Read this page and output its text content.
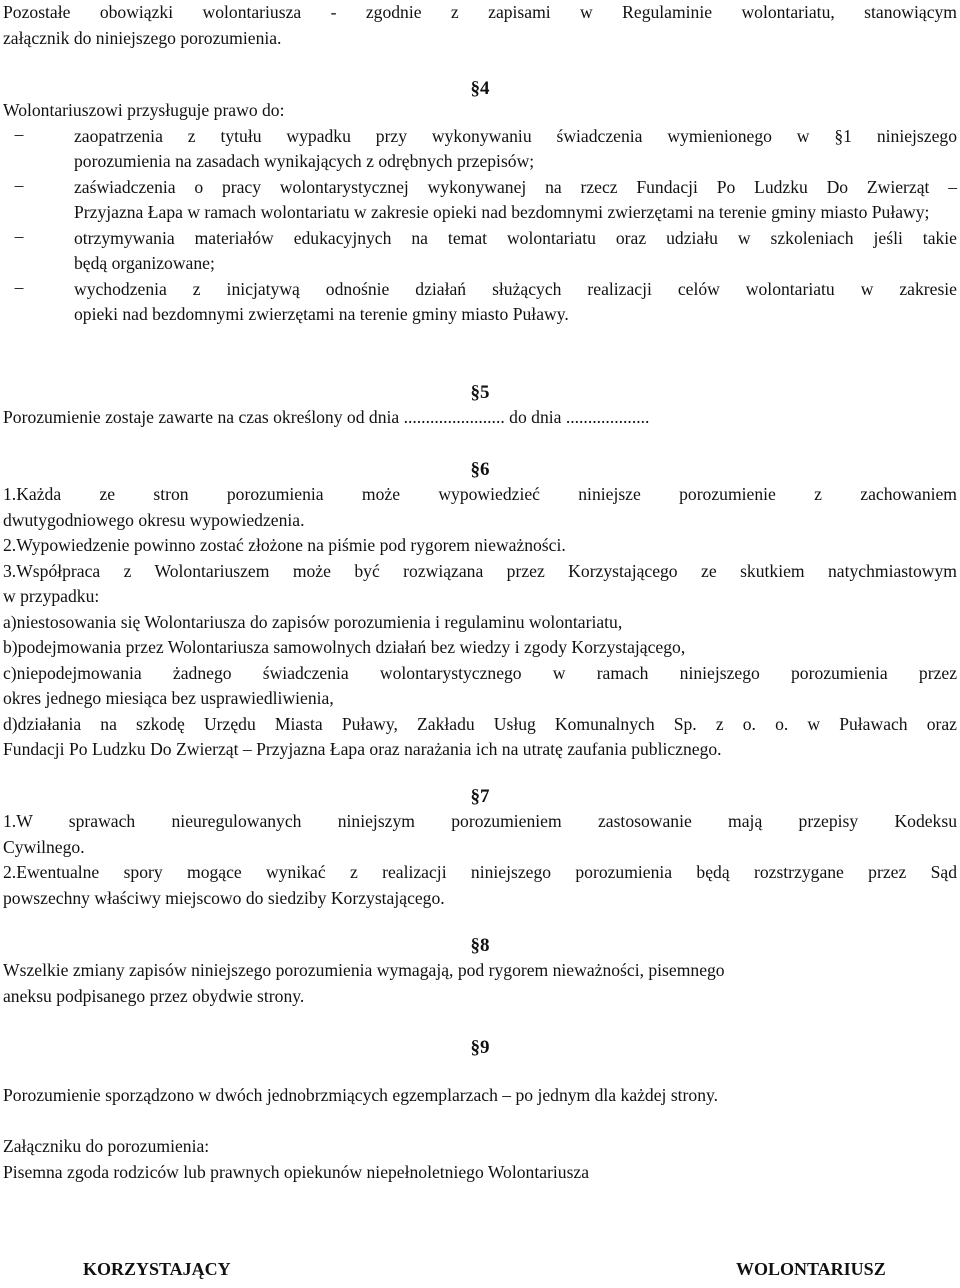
Pozostałe obowiązki wolontariusza - zgodnie z zapisami w Regulaminie wolontariatu, stanowiącym

załącznik do niniejszego porozumienia.

§4

Wolontariuszowi przysługuje prawo do:

–	zaopatrzenia z tytułu wypadku przy wykonywaniu świadczenia wymienionego w §1 niniejszego

porozumienia na zasadach wynikających z odrębnych przepisów;

–	zaświadczenia o pracy wolontarystycznej wykonywanej na rzecz Fundacji Po Ludzku Do Zwierząt –

Przyjazna Łapa w ramach wolontariatu w zakresie opieki nad bezdomnymi zwierzętami na terenie gminy miasto Puławy;

–	otrzymywania materiałów edukacyjnych na temat wolontariatu oraz udziału w szkoleniach jeśli takie

będą organizowane;

–	wychodzenia z inicjatywą odnośnie działań służących realizacji celów wolontariatu w zakresie

opieki nad bezdomnymi zwierzętami na terenie gminy miasto Puławy.

§5

Porozumienie zostaje zawarte na czas określony od dnia ....................... do dnia ...................

§6

1.Każda ze stron porozumienia może wypowiedzieć niniejsze porozumienie z zachowaniem

dwutygodniowego okresu wypowiedzenia.

2.Wypowiedzenie powinno zostać złożone na piśmie pod rygorem nieważności.

3.Współpraca z Wolontariuszem może być rozwiązana przez Korzystającego ze skutkiem natychmiastowym

w przypadku:

a)niestosowania się Wolontariusza do zapisów porozumienia i regulaminu wolontariatu,

b)podejmowania przez Wolontariusza samowolnych działań bez wiedzy i zgody Korzystającego,

c)niepodejmowania żadnego świadczenia wolontarystycznego w ramach niniejszego porozumienia przez

okres jednego miesiąca bez usprawiedliwienia,

d)działania na szkodę Urzędu Miasta Puławy, Zakładu Usług Komunalnych Sp. z o. o. w Puławach oraz

Fundacji Po Ludzku Do Zwierząt – Przyjazna Łapa oraz narażania ich na utratę zaufania publicznego.

§7

1.W sprawach nieuregulowanych niniejszym porozumieniem zastosowanie mają przepisy Kodeksu

Cywilnego.

2.Ewentualne spory mogące wynikać z realizacji niniejszego porozumienia będą rozstrzygane przez Sąd

powszechny właściwy miejscowo do siedziby Korzystającego.

§8

Wszelkie zmiany zapisów niniejszego porozumienia wymagają, pod rygorem nieważności, pisemnego

aneksu podpisanego przez obydwie strony.

§9

Porozumienie sporządzono w dwóch jednobrzmiących egzemplarzach – po jednym dla każdej strony.

Załączniku do porozumienia:

Pisemna zgoda rodziców lub prawnych opiekunów niepełnoletniego Wolontariusza

KORZYSTAJĄCY	WOLONTARIUSZ
